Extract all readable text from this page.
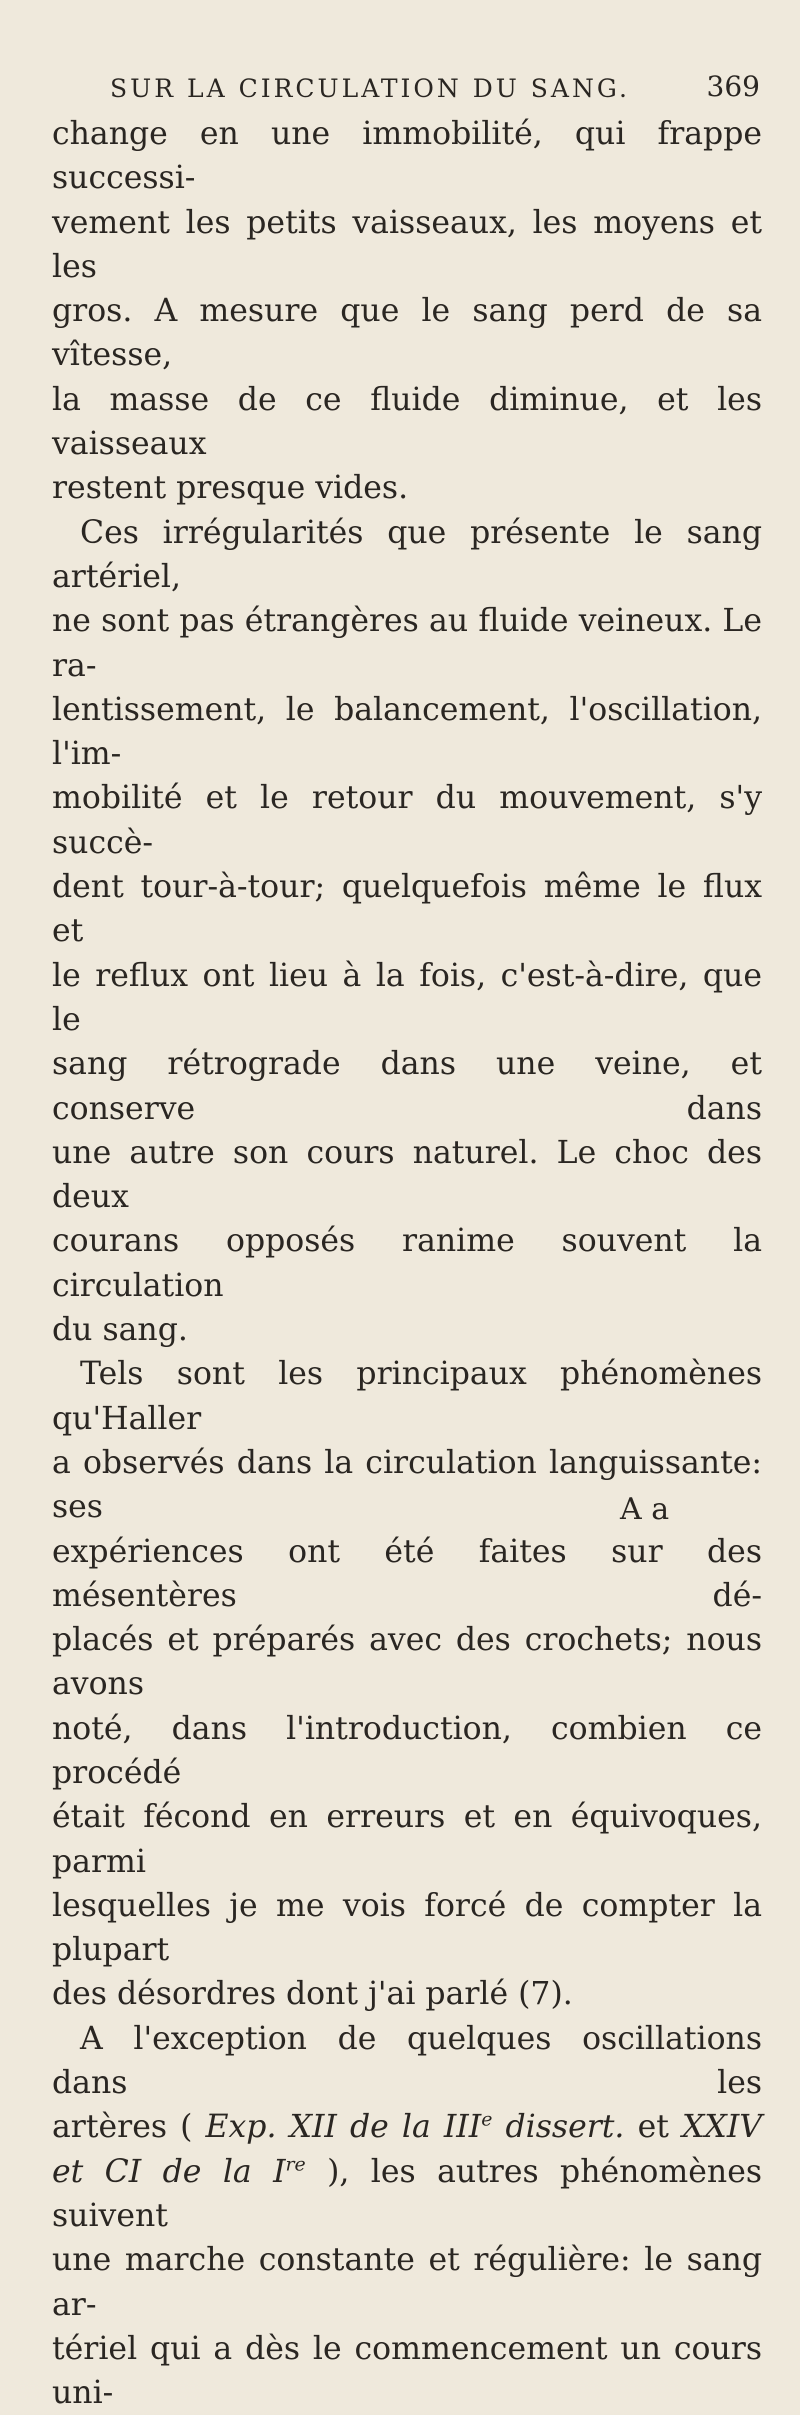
SUR LA CIRCULATION DU SANG.	369

change en une immobilité, qui frappe successi-

vement les petits vaisseaux, les moyens et les

gros. A mesure que le sang perd de sa vîtesse,

la masse de ce fluide diminue, et les vaisseaux

restent presque vides.

Ces irrégularités que présente le sang artériel,

ne sont pas étrangères au fluide veineux. Le ra-

lentissement, le balancement, l'oscillation, l'im-

mobilité et le retour du mouvement, s'y succè-

dent tour-à-tour; quelquefois même le flux et

le reflux ont lieu à la fois, c'est-à-dire, que le

sang rétrograde dans une veine, et conserve dans

une autre son cours naturel. Le choc des deux

courans opposés ranime souvent la circulation

du sang.

Tels sont les principaux phénomènes qu'Haller

a observés dans la circulation languissante: ses

expériences ont été faites sur des mésentères dé-

placés et préparés avec des crochets; nous avons

noté, dans l'introduction, combien ce procédé

était fécond en erreurs et en équivoques, parmi

lesquelles je me vois forcé de compter la plupart

des désordres dont j'ai parlé (7).

A l'exception de quelques oscillations dans les

artères ( Exp. XII de la IIIe dissert. et XXIV

et CI de la Ire ), les autres phénomènes suivent

une marche constante et régulière: le sang ar-

tériel qui a dès le commencement un cours uni-

A a
